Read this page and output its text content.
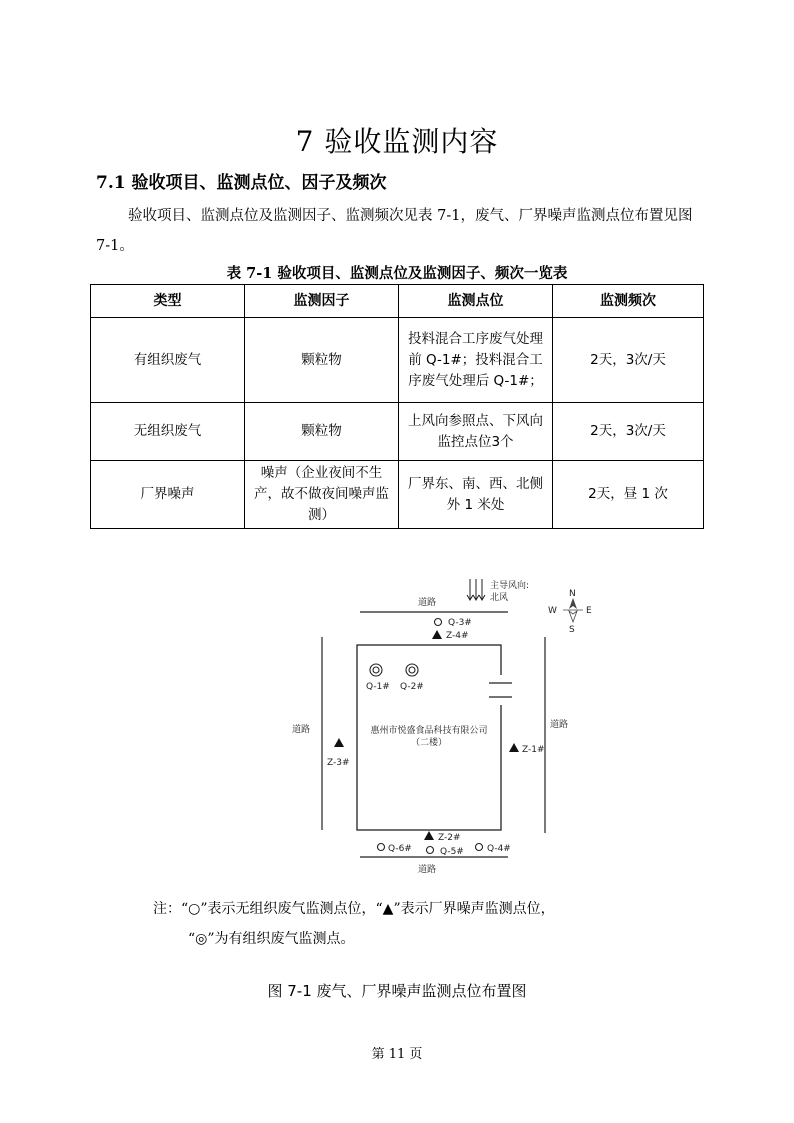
7 验收监测内容
7.1 验收项目、监测点位、因子及频次
验收项目、监测点位及监测因子、监测频次见表 7-1，废气、厂界噪声监测点位布置见图 7-1。
表 7-1 验收项目、监测点位及监测因子、频次一览表
类型	监测因子	监测点位	监测频次
有组织废气	颗粒物	投料混合工序废气处理前 Q-1#；投料混合工序废气处理后 Q-1#；	2天，3次/天
无组织废气	颗粒物	上风向参照点、下风向监控点位3个	2天，3次/天
厂界噪声	噪声（企业夜间不生产，故不做夜间噪声监测）	厂界东、南、西、北侧外 1 米处	2天，昼 1 次
道路
道路
道路	道路
主导风向:
北风	N
S
E
W
惠州市悦盛食品科技有限公司
（二楼）
Q-1# Q-2#
Q-3#
Q-6#	Q-5#	Q-4#
Z-4#
Z-1#
Z-3#
Z-2#
注：“○”表示无组织废气监测点位，“▲”表示厂界噪声监测点位，
“◎”为有组织废气监测点。
图 7-1 废气、厂界噪声监测点位布置图
第 11 页
